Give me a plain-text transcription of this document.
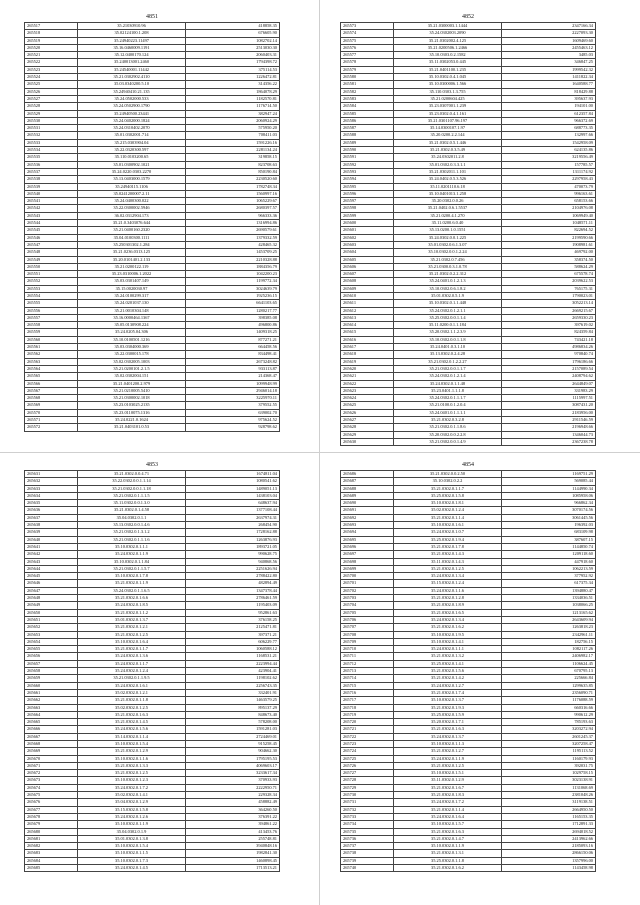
4851
265517	35.21030910.96	418858.35
265518	35.02124100.1.208	676605.90
265519	35.24940223.11497	1082702.14
265520	35.16.0460009.1191	2513030.30
265521	35.12.0400170.124	2060403.31
265522	35.240013001.2460	1794398.72
265523	35.24540001.11442	375114.53
265524	35.21.0302902.4110	1226472.81
265525	35.03.0340200.5.10	314356.22
265526	35.24940410.21.135	1864078.29
265527	35.24.0502000.533	1182570.81
265528	35.24.0502900.1790	1176714.50
265529	35.24940500.23441	382947.24
265530	35.24.0402000.1824	2060924.29
265531	35.24.0310402.2070	575950.20
265532	35.01.0302001.714	708411.03
265533	35.215.0303904.04	1591226.16
265534	35.22.0320300.597	2281134.24
265535	35.110.0103200.65	319858.15
265536	35.01.0300902.1021	823708.63
265537	35.24.0220.0303.2270	850190.84
265538	35.13.0403000.1579	2230520.60
265539	35.24940115.1106	1782748.34
265540	35.0241200007.2.11	1560997.16
265541	35.24.0400300.022	1065229.67
265542	35.22.0300002.5946	2680397.57
265543	36.02.0312904.173	966333.36
265544	35.21.0.3403076.644	1316994.86
265545	35.21.0400160.2320	2690579.61
265546	35.04.0100300.1111	1379332.59
265547	35.250301302.1.284	428465.32
265548	35.21.0236.0313.125	1453709.25
265549	35.20.0101401.2.133	2210328.88
265550	35.21.0200122.119	1884356.79
265551	35.23.0310006.1.2022	1042200.23
265552	35.03.0301407.149	1199772.34
265553	35.15.0020030.97	3024639.79
265554	35.24.0100299.317	1925236.15
265555	35.24.0201037.130	6641103.65
265556	35.21.0010304.148	1280217.77
265557	35.16.0000464.1367	398385.08
265558	35.05.0130908.224	496800.86
265559	35.24.0205.04.306	1409318.25
265560	35.10.0100501.1216	877271.21
265561	35.03.0304000.369	664458.56
265562	35.22.0300015.178	834498.41
265563	35.02.0302005.1003	2673248.82
265564	35.21.0200101.2.1.5	933113.87
265565	35.02.0302004.151	214368.47
265566	35.21.0401200.2.979	1099948.99
265567	35.21.0210005.5410	2946014.18
265568	35.21.0300002.1018	3225970.11
265569	35.23.0103025.2135	379552.55
265570	35.23.0110075.1316	639002.70
265571	35.24.0221.0.1624	975624.52
265572	35.21.0403101.0.53	928798.62
4852
265573	35.21.0300003.1.1444	2347166.34
265574	35.24.0302003.2090	2227093.30
265575	35.21.0302002.4.125	1609469.60
265576	35.21.0200506.1.2466	2455463.12
265577	35.10.0303.0.2.1582	3485.03
265578	35.11.0302053.0.445	346847.25
265579	35.21.0401100.1.235	1999542.32
265580	35.10.0302.0.4.1.045	1411822.34
265581	35.10.0300006.1.566	1640588.77
265582	35.110.0303.1.3.755	818429.88
265583	35.21.0200604.425	395637.93
265584	35.23.0307001.1.239	194101.00
265585	35.23.0302.0.4.1.161	612357.84
265586	35.21.0301107.96.197	966372.69
265587	35.14.0300107.1.97	688773.35
265588	35.20.0200.2.2.144	132997.66
265589	35.21.0302.0.5.1.446	1542958.09
265590	35.21.0302.0.3.5.49	624135.86
265591	35.24.0302011.2.8	3219556.49
265592	35.01.0302.0.3.3.1.1	157785.57
265593	35.21.0302011.1.101	1311174.92
265594	35.24.0402.0.5.3.526	2297958.43
265595	35.11.0201110.6.18	470073.79
265596	35.10.0401013.1.258	996163.61
265597	35.20.0302.0.0.26	658153.66
265598	35.21.0402.0.6.1.5537	2104976.08
265599	35.21.0200.4.1.270	1069949.40
265600	35.11.0200.6.0.40	1048571.11
265601	35.13.0200.1.0.1551	822694.52
265602	35.24.0302.0.0.1.225	2199590.66
265603	35.01.0302.0.6.1.3.07	1908981.61
265604	35.10.0302.0.0.1.2.24	469792.00
265605	35.21.0302.0.7.456	358374.50
265606	35.21.0300.0.3.1.0.78	588624.29
265607	35.21.0302.0.2.2.312	675578.74
265608	35.24.0401.0.1.2.1.3	2039622.53
265609	35.10.0302.0.6.1.8.2	765175.31
265610	35.01.0302.0.5.1.9	1790023.01
265611	35.10.0302.0.1.1.448	3052213.14
265612	35.24.0302.0.1.2.1.1	2669215.67
265613	35.25.0302.0.0.1.1.4	2659330.23
265614	35.11.0200.0.1.1.184	397619.02
265615	35.20.0302.1.1.2.3.9	824359.84
265616	35.10.0302.0.0.1.1.8	743421.18
265617	35.24.0401.0.3.1.10	4986834.26
265618	35.13.0302.0.2.4.28	970840.74
265619	35.21.0302.0.1.2.2.27	1796186.66
265620	35.21.0302.0.0.1.1.7	2157089.54
265621	35.24.0302.0.1.2.1.4	2408794.62
265622	35.24.0302.0.1.1.48	2644849.07
265623	35.23.0401.1.1.1.8	331983.29
265624	35.24.0302.0.1.1.1.7	1115997.51
265625	35.21.0100.0.1.2.0.4	3087431.20
265626	35.24.0401.0.1.1.1.1	2183956.00
265627	35.21.0302.0.3.2.8	2911546.59
265628	35.21.0302.0.1.1.8.6	2196948.66
265629	35.20.0302.0.0.2.2.8	1346044.73
265630	35.21.0302.0.0.1.4.9	2367238.78
4853
265631	35.21.0302.0.0.4.71	1674811.04
265632	35.22.0302.0.0.1.1.14	1080541.62
265633	35.21.0302.0.0.1.1.18	1489051.13
265634	35.21.0302.0.1.1.1.5	1438103.04
265635	35.11.0302.0.0.1.3.0	648637.94
265636	35.21.0302.0.1.4.58	1377108.44
265637	35.04.0302.0.1.1	2637974.31
265638	35.13.0302.0.0.1.4.6	268454.90
265639	35.21.0302.0.1.3.1.2	1728162.88
265640	35.21.0302.0.1.1.1.6	1263876.93
265641	35.10.0302.0.1.1.1	1893721.05
265642	35.24.0302.0.1.1.9	990628.75
265643	35.10.0302.0.1.1.84	940868.56
265644	35.21.0302.0.1.1.5.7	2251626.94
265645	35.10.0302.0.1.7.8	2788422.80
265646	35.21.0302.0.1.1.9	482894.49
265647	35.24.0302.0.1.1.6.5	1347378.44
265648	35.21.0302.0.1.6.6	2786461.59
265649	35.24.0302.0.1.8.5	1195403.09
265650	35.21.0302.0.1.1.2	952861.63
265651	35.01.0302.0.1.3.7	376158.25
265652	35.21.0302.0.1.2.1	2125471.81
265653	35.21.0302.0.1.2.5	397371.21
265654	35.10.0302.0.1.6.4	606229.77
265655	35.21.0302.0.1.1.7	1060588.12
265656	35.24.0302.0.1.3.6	1168531.21
265657	35.24.0302.0.1.1.7	2223994.44
265658	35.24.0302.0.1.2.4	423904.41
265659	35.21.0302.0.1.1.9.5	1198102.62
265660	35.24.0302.0.1.6.1	2256743.35
265661	35.02.0302.0.1.2.1	332401.91
265662	35.21.0302.0.1.1.8	1463579.25
265663	35.02.0302.0.1.2.5	895137.29
265664	35.21.0302.0.1.6.3	848673.40
265665	35.21.0302.0.1.4.5	578208.00
265666	35.24.0302.0.1.5.6	1591281.03
265667	35.14.0302.0.1.1.4	2724469.01
265668	35.10.0302.0.1.5.4	915258.45
265669	35.21.0302.0.1.2.9	904662.30
265670	35.10.0302.0.1.1.6	1795195.53
265671	35.21.0302.0.1.3.3	4069603.17
265672	35.21.0302.0.1.2.5	3233617.34
265673	35.10.0302.0.1.2.3	370933.93
265674	35.24.0302.0.1.7.2	2222950.71
265675	35.02.0302.0.1.4.1	229328.34
265676	35.04.0302.0.1.2.9	458882.49
265677	35.15.0302.0.1.5.8	364260.50
265678	35.24.0302.0.1.2.6	376391.22
265679	35.10.0302.0.1.1.9	394861.22
265680	35.04.0302.0.1.9	413453.76
265681	35.01.0302.0.1.3.8	255748.81
265682	35.10.0302.0.1.5.4	3940848.16
265683	35.10.0302.0.1.1.5	1982841.30
265684	35.10.0302.0.1.7.3	1460898.45
265685	35.24.0302.0.1.4.5	1713513.21
4854
265686	35.21.0302.0.0.2.50	1169751.29
265687	35.10.0302.0.2.2	569085.44
265688	35.21.0302.0.1.1.7	1144990.34
265689	35.25.0302.0.1.5.8	1085958.06
265690	35.10.0302.0.1.8.1	966862.34
265691	35.02.0302.0.1.2.4	3070174.56
265692	35.21.0302.0.1.1.4	3061445.56
265693	35.10.0302.0.1.6.1	196392.03
265694	35.24.0302.0.1.0.7	683109.98
265695	35.25.0302.0.1.9.4	387607.15
265696	35.21.0302.0.1.7.8	1144850.74
265697	35.21.0302.0.1.4.3	1209118.60
265698	35.11.0302.0.1.4.3	447918.60
265699	35.21.0302.0.1.2.5	1062213.59
265700	35.24.0302.0.1.3.4	377952.92
265701	35.15.0302.0.1.2.4	617375.34
265702	35.24.0302.0.1.1.6	1394880.47
265703	35.21.0302.0.1.2.8	1334036.51
265704	35.21.0302.0.1.8.9	1038066.25
265705	35.21.0302.0.1.6.5	1213165.62
265706	35.24.0302.0.1.3.4	2643609.94
265707	35.21.0302.0.1.6.2	1263818.23
265708	35.10.0302.0.1.9.5	2342961.11
265709	35.10.0302.0.1.4.1	182756.15
265710	35.24.0302.0.1.1.1	1082117.26
265711	35.21.0302.0.1.3.2	2406982.17
265712	35.25.0302.0.1.4.1	1106624.45
265713	35.21.0302.0.1.5.6	670795.13
265714	35.21.0302.0.1.4.2	225666.84
265715	35.24.0302.0.1.2.7	1299635.85
265716	35.21.0302.0.1.7.4	2356090.71
265717	35.10.0302.0.1.3.7	1176088.59
265718	35.21.0302.0.1.9.3	660316.66
265719	35.25.0302.0.1.5.9	990612.29
265720	35.20.0302.0.1.7.1	785193.63
265721	35.21.0302.0.1.6.3	3203272.94
265722	35.24.0302.0.1.3.7	2601245.37
265723	35.10.0302.0.1.1.3	3207258.47
265724	35.21.0302.0.1.2.7	1195113.52
265725	35.24.0302.0.1.1.9	1160179.93
265726	35.21.0302.0.1.2.5	392031.75
265727	35.10.0302.0.1.5.1	1029758.15
265728	35.11.0302.0.1.2.9	3023138.91
265729	35.21.0302.0.1.6.7	1131068.69
265730	35.21.0302.0.1.8.3	2381048.26
265731	35.24.0302.0.1.7.2	3119138.51
265732	35.21.0302.0.1.1.4	2664950.50
265733	35.24.0302.0.1.6.4	1165153.35
265734	35.10.0302.0.1.5.7	1712891.33
265735	35.21.0302.0.1.6.3	2694018.52
265736	35.21.0302.0.1.4.7	2413962.66
265737	35.10.0302.0.1.1.9	2185093.16
265738	35.21.0302.0.1.3.1	2866150.06
265739	35.25.0302.0.1.1.8	1357996.00
265740	35.21.0302.0.1.6.2	1143458.98
